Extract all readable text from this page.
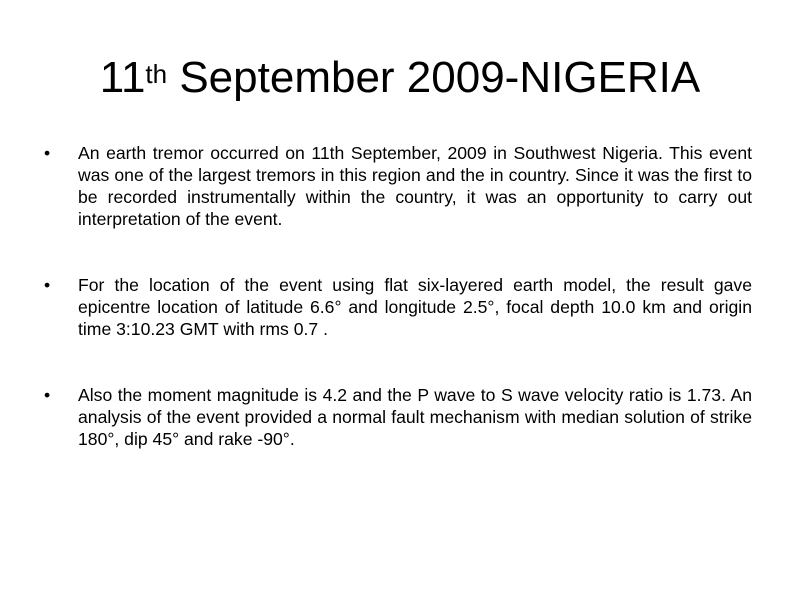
11th September 2009-NIGERIA
• An earth tremor occurred on 11th September, 2009 in Southwest Nigeria. This event was one of the largest tremors in this region and the in country. Since it was the first to be recorded instrumentally within the country, it was an opportunity to carry out interpretation of the event.
• For the location of the event using flat six-layered earth model, the result gave epicentre location of latitude 6.6° and longitude 2.5°, focal depth 10.0 km and origin time 3:10.23 GMT with rms 0.7 .
• Also the moment magnitude is 4.2 and the P wave to S wave velocity ratio is 1.73. An analysis of the event provided a normal fault mechanism with median solution of strike 180°, dip 45° and rake -90°.
